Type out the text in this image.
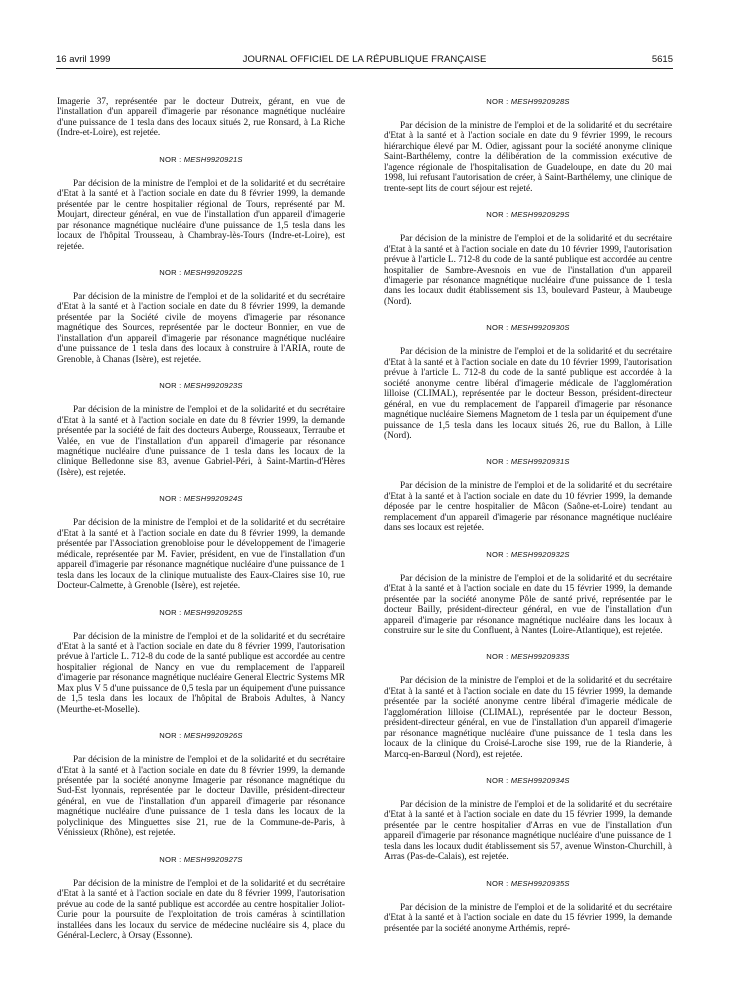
16 avril 1999	JOURNAL OFFICIEL DE LA RÉPUBLIQUE FRANÇAISE	5615

Imagerie 37, représentée par le docteur Dutreix, gérant, en vue de l'installation d'un appareil d'imagerie par résonance magnétique nucléaire d'une puissance de 1 tesla dans des locaux situés 2, rue Ronsard, à La Riche (Indre-et-Loire), est rejetée.

NOR : MESH9920921S

Par décision de la ministre de l'emploi et de la solidarité et du secrétaire d'Etat à la santé et à l'action sociale en date du 8 février 1999, la demande présentée par le centre hospitalier régional de Tours, représenté par M. Moujart, directeur général, en vue de l'installation d'un appareil d'imagerie par résonance magnétique nucléaire d'une puissance de 1,5 tesla dans les locaux de l'hôpital Trousseau, à Chambray-lès-Tours (Indre-et-Loire), est rejetée.

NOR : MESH9920922S

Par décision de la ministre de l'emploi et de la solidarité et du secrétaire d'Etat à la santé et à l'action sociale en date du 8 février 1999, la demande présentée par la Société civile de moyens d'imagerie par résonance magnétique des Sources, représentée par le docteur Bonnier, en vue de l'installation d'un appareil d'imagerie par résonance magnétique nucléaire d'une puissance de 1 tesla dans des locaux à construire à l'ARIA, route de Grenoble, à Chanas (Isère), est rejetée.

NOR : MESH9920923S

Par décision de la ministre de l'emploi et de la solidarité et du secrétaire d'Etat à la santé et à l'action sociale en date du 8 février 1999, la demande présentée par la société de fait des docteurs Auberge, Rousseaux, Terraube et Valée, en vue de l'installation d'un appareil d'imagerie par résonance magnétique nucléaire d'une puissance de 1 tesla dans les locaux de la clinique Belledonne sise 83, avenue Gabriel-Péri, à Saint-Martin-d'Hères (Isère), est rejetée.

NOR : MESH9920924S

Par décision de la ministre de l'emploi et de la solidarité et du secrétaire d'Etat à la santé et à l'action sociale en date du 8 février 1999, la demande présentée par l'Association grenobloise pour le développement de l'imagerie médicale, représentée par M. Favier, président, en vue de l'installation d'un appareil d'imagerie par résonance magnétique nucléaire d'une puissance de 1 tesla dans les locaux de la clinique mutualiste des Eaux-Claires sise 10, rue Docteur-Calmette, à Grenoble (Isère), est rejetée.

NOR : MESH9920925S

Par décision de la ministre de l'emploi et de la solidarité et du secrétaire d'Etat à la santé et à l'action sociale en date du 8 février 1999, l'autorisation prévue à l'article L. 712-8 du code de la santé publique est accordée au centre hospitalier régional de Nancy en vue du remplacement de l'appareil d'imagerie par résonance magnétique nucléaire General Electric Systems MR Max plus V 5 d'une puissance de 0,5 tesla par un équipement d'une puissance de 1,5 tesla dans les locaux de l'hôpital de Brabois Adultes, à Nancy (Meurthe-et-Moselle).

NOR : MESH9920926S

Par décision de la ministre de l'emploi et de la solidarité et du secrétaire d'Etat à la santé et à l'action sociale en date du 8 février 1999, la demande présentée par la société anonyme Imagerie par résonance magnétique du Sud-Est lyonnais, représentée par le docteur Daville, président-directeur général, en vue de l'installation d'un appareil d'imagerie par résonance magnétique nucléaire d'une puissance de 1 tesla dans les locaux de la polyclinique des Minguettes sise 21, rue de la Commune-de-Paris, à Vénissieux (Rhône), est rejetée.

NOR : MESH9920927S

Par décision de la ministre de l'emploi et de la solidarité et du secrétaire d'Etat à la santé et à l'action sociale en date du 8 février 1999, l'autorisation prévue au code de la santé publique est accordée au centre hospitalier Joliot-Curie pour la poursuite de l'exploitation de trois caméras à scintillation installées dans les locaux du service de médecine nucléaire sis 4, place du Général-Leclerc, à Orsay (Essonne).

NOR : MESH9920928S

Par décision de la ministre de l'emploi et de la solidarité et du secrétaire d'Etat à la santé et à l'action sociale en date du 9 février 1999, le recours hiérarchique élevé par M. Odier, agissant pour la société anonyme clinique Saint-Barthélemy, contre la délibération de la commission exécutive de l'agence régionale de l'hospitalisation de Guadeloupe, en date du 20 mai 1998, lui refusant l'autorisation de créer, à Saint-Barthélemy, une clinique de trente-sept lits de court séjour est rejeté.

NOR : MESH9920929S

Par décision de la ministre de l'emploi et de la solidarité et du secrétaire d'Etat à la santé et à l'action sociale en date du 10 février 1999, l'autorisation prévue à l'article L. 712-8 du code de la santé publique est accordée au centre hospitalier de Sambre-Avesnois en vue de l'installation d'un appareil d'imagerie par résonance magnétique nucléaire d'une puissance de 1 tesla dans les locaux dudit établissement sis 13, boulevard Pasteur, à Maubeuge (Nord).

NOR : MESH9920930S

Par décision de la ministre de l'emploi et de la solidarité et du secrétaire d'Etat à la santé et à l'action sociale en date du 10 février 1999, l'autorisation prévue à l'article L. 712-8 du code de la santé publique est accordée à la société anonyme centre libéral d'imagerie médicale de l'agglomération lilloise (CLIMAL), représentée par le docteur Besson, président-directeur général, en vue du remplacement de l'appareil d'imagerie par résonance magnétique nucléaire Siemens Magnetom de 1 tesla par un équipement d'une puissance de 1,5 tesla dans les locaux situés 26, rue du Ballon, à Lille (Nord).

NOR : MESH9920931S

Par décision de la ministre de l'emploi et de la solidarité et du secrétaire d'Etat à la santé et à l'action sociale en date du 10 février 1999, la demande déposée par le centre hospitalier de Mâcon (Saône-et-Loire) tendant au remplacement d'un appareil d'imagerie par résonance magnétique nucléaire dans ses locaux est rejetée.

NOR : MESH9920932S

Par décision de la ministre de l'emploi et de la solidarité et du secrétaire d'Etat à la santé et à l'action sociale en date du 15 février 1999, la demande présentée par la société anonyme Pôle de santé privé, représentée par le docteur Bailly, président-directeur général, en vue de l'installation d'un appareil d'imagerie par résonance magnétique nucléaire dans les locaux à construire sur le site du Confluent, à Nantes (Loire-Atlantique), est rejetée.

NOR : MESH9920933S

Par décision de la ministre de l'emploi et de la solidarité et du secrétaire d'Etat à la santé et à l'action sociale en date du 15 février 1999, la demande présentée par la société anonyme centre libéral d'imagerie médicale de l'agglomération lilloise (CLIMAL), représentée par le docteur Besson, président-directeur général, en vue de l'installation d'un appareil d'imagerie par résonance magnétique nucléaire d'une puissance de 1 tesla dans les locaux de la clinique du Croisé-Laroche sise 199, rue de la Rianderie, à Marcq-en-Barœul (Nord), est rejetée.

NOR : MESH9920934S

Par décision de la ministre de l'emploi et de la solidarité et du secrétaire d'Etat à la santé et à l'action sociale en date du 15 février 1999, la demande présentée par le centre hospitalier d'Arras en vue de l'installation d'un appareil d'imagerie par résonance magnétique nucléaire d'une puissance de 1 tesla dans les locaux dudit établissement sis 57, avenue Winston-Churchill, à Arras (Pas-de-Calais), est rejetée.

NOR : MESH9920935S

Par décision de la ministre de l'emploi et de la solidarité et du secrétaire d'Etat à la santé et à l'action sociale en date du 15 février 1999, la demande présentée par la société anonyme Arthémis, repré-
